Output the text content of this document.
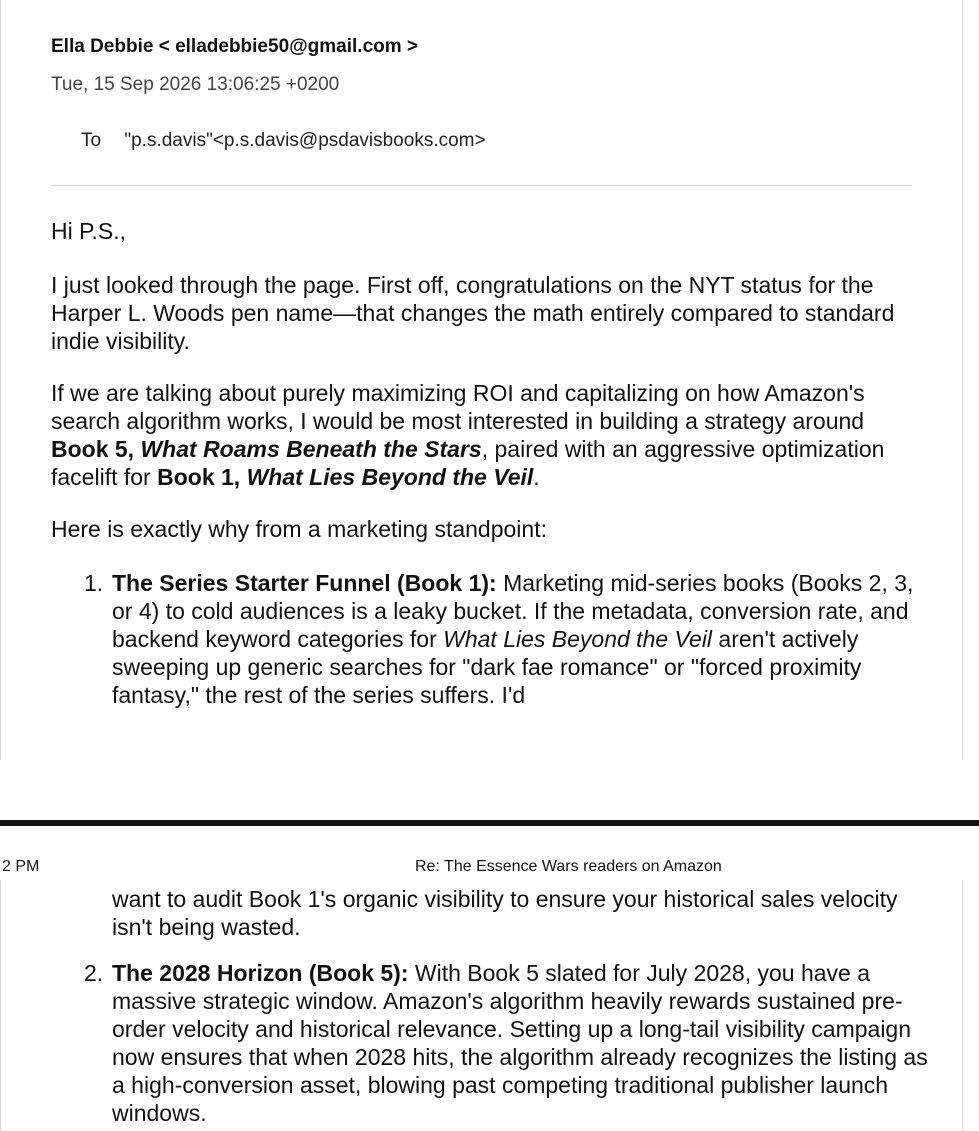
Ella Debbie < elladebbie50@gmail.com >
Tue, 15 Sep 2026 13:06:25 +0200
To "p.s.davis"<p.s.davis@psdavisbooks.com>
Hi P.S.,
I just looked through the page. First off, congratulations on the NYT status for the Harper L. Woods pen name—that changes the math entirely compared to standard indie visibility.
If we are talking about purely maximizing ROI and capitalizing on how Amazon's search algorithm works, I would be most interested in building a strategy around Book 5, What Roams Beneath the Stars, paired with an aggressive optimization facelift for Book 1, What Lies Beyond the Veil.
Here is exactly why from a marketing standpoint:
1. The Series Starter Funnel (Book 1): Marketing mid-series books (Books 2, 3, or 4) to cold audiences is a leaky bucket. If the metadata, conversion rate, and backend keyword categories for What Lies Beyond the Veil aren't actively sweeping up generic searches for "dark fae romance" or "forced proximity fantasy," the rest of the series suffers. I'd
2 PM	Re: The Essence Wars readers on Amazon
want to audit Book 1's organic visibility to ensure your historical sales velocity isn't being wasted.
2. The 2028 Horizon (Book 5): With Book 5 slated for July 2028, you have a massive strategic window. Amazon's algorithm heavily rewards sustained pre-order velocity and historical relevance. Setting up a long-tail visibility campaign now ensures that when 2028 hits, the algorithm already recognizes the listing as a high-conversion asset, blowing past competing traditional publisher launch windows.
